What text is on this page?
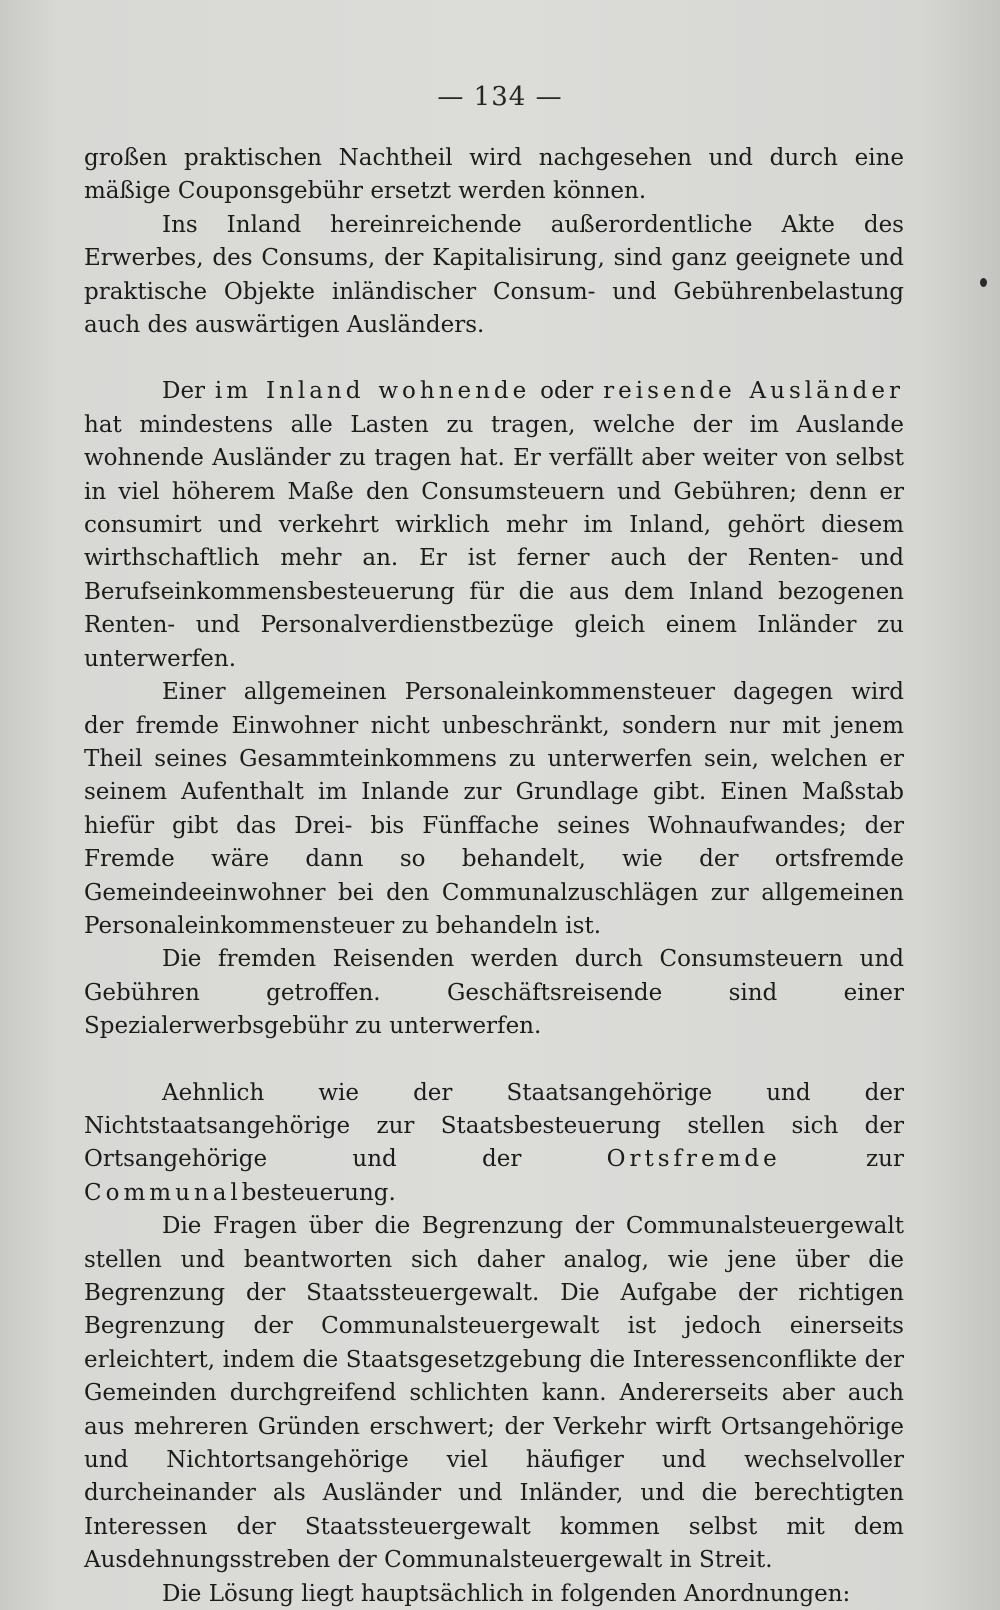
— 134 —

großen praktischen Nachtheil wird nachgesehen und durch eine mäßige Couponsgebühr ersetzt werden können.

Ins Inland hereinreichende außerordentliche Akte des Erwerbes, des Consums, der Kapitalisirung, sind ganz geeignete und praktische Objekte inländischer Consum- und Gebührenbelastung auch des auswärtigen Ausländers.

Der im Inland wohnende oder reisende Ausländer hat mindestens alle Lasten zu tragen, welche der im Auslande wohnende Ausländer zu tragen hat. Er verfällt aber weiter von selbst in viel höherem Maße den Consumsteuern und Gebühren; denn er consumirt und verkehrt wirklich mehr im Inland, gehört diesem wirthschaftlich mehr an. Er ist ferner auch der Renten- und Berufseinkommensbesteuerung für die aus dem Inland bezogenen Renten- und Personalverdienstbezüge gleich einem Inländer zu unterwerfen.

Einer allgemeinen Personaleinkommensteuer dagegen wird der fremde Einwohner nicht unbeschränkt, sondern nur mit jenem Theil seines Gesammteinkommens zu unterwerfen sein, welchen er seinem Aufenthalt im Inlande zur Grundlage gibt. Einen Maßstab hiefür gibt das Drei- bis Fünffache seines Wohnaufwandes; der Fremde wäre dann so behandelt, wie der ortsfremde Gemeindeeinwohner bei den Communalzuschlägen zur allgemeinen Personaleinkommensteuer zu behandeln ist.

Die fremden Reisenden werden durch Consumsteuern und Gebühren getroffen. Geschäftsreisende sind einer Spezialerwerbsgebühr zu unterwerfen.

Aehnlich wie der Staatsangehörige und der Nichtstaatsangehörige zur Staatsbesteuerung stellen sich der Ortsangehörige und der Ortsfremde zur Communalbesteuerung.

Die Fragen über die Begrenzung der Communalsteuergewalt stellen und beantworten sich daher analog, wie jene über die Begrenzung der Staatssteuergewalt. Die Aufgabe der richtigen Begrenzung der Communalsteuergewalt ist jedoch einerseits erleichtert, indem die Staatsgesetzgebung die Interessenconflikte der Gemeinden durchgreifend schlichten kann. Andererseits aber auch aus mehreren Gründen erschwert; der Verkehr wirft Ortsangehörige und Nichtortsangehörige viel häufiger und wechselvoller durcheinander als Ausländer und Inländer, und die berechtigten Interessen der Staatssteuergewalt kommen selbst mit dem Ausdehnungsstreben der Communalsteuergewalt in Streit.

Die Lösung liegt hauptsächlich in folgenden Anordnungen:
